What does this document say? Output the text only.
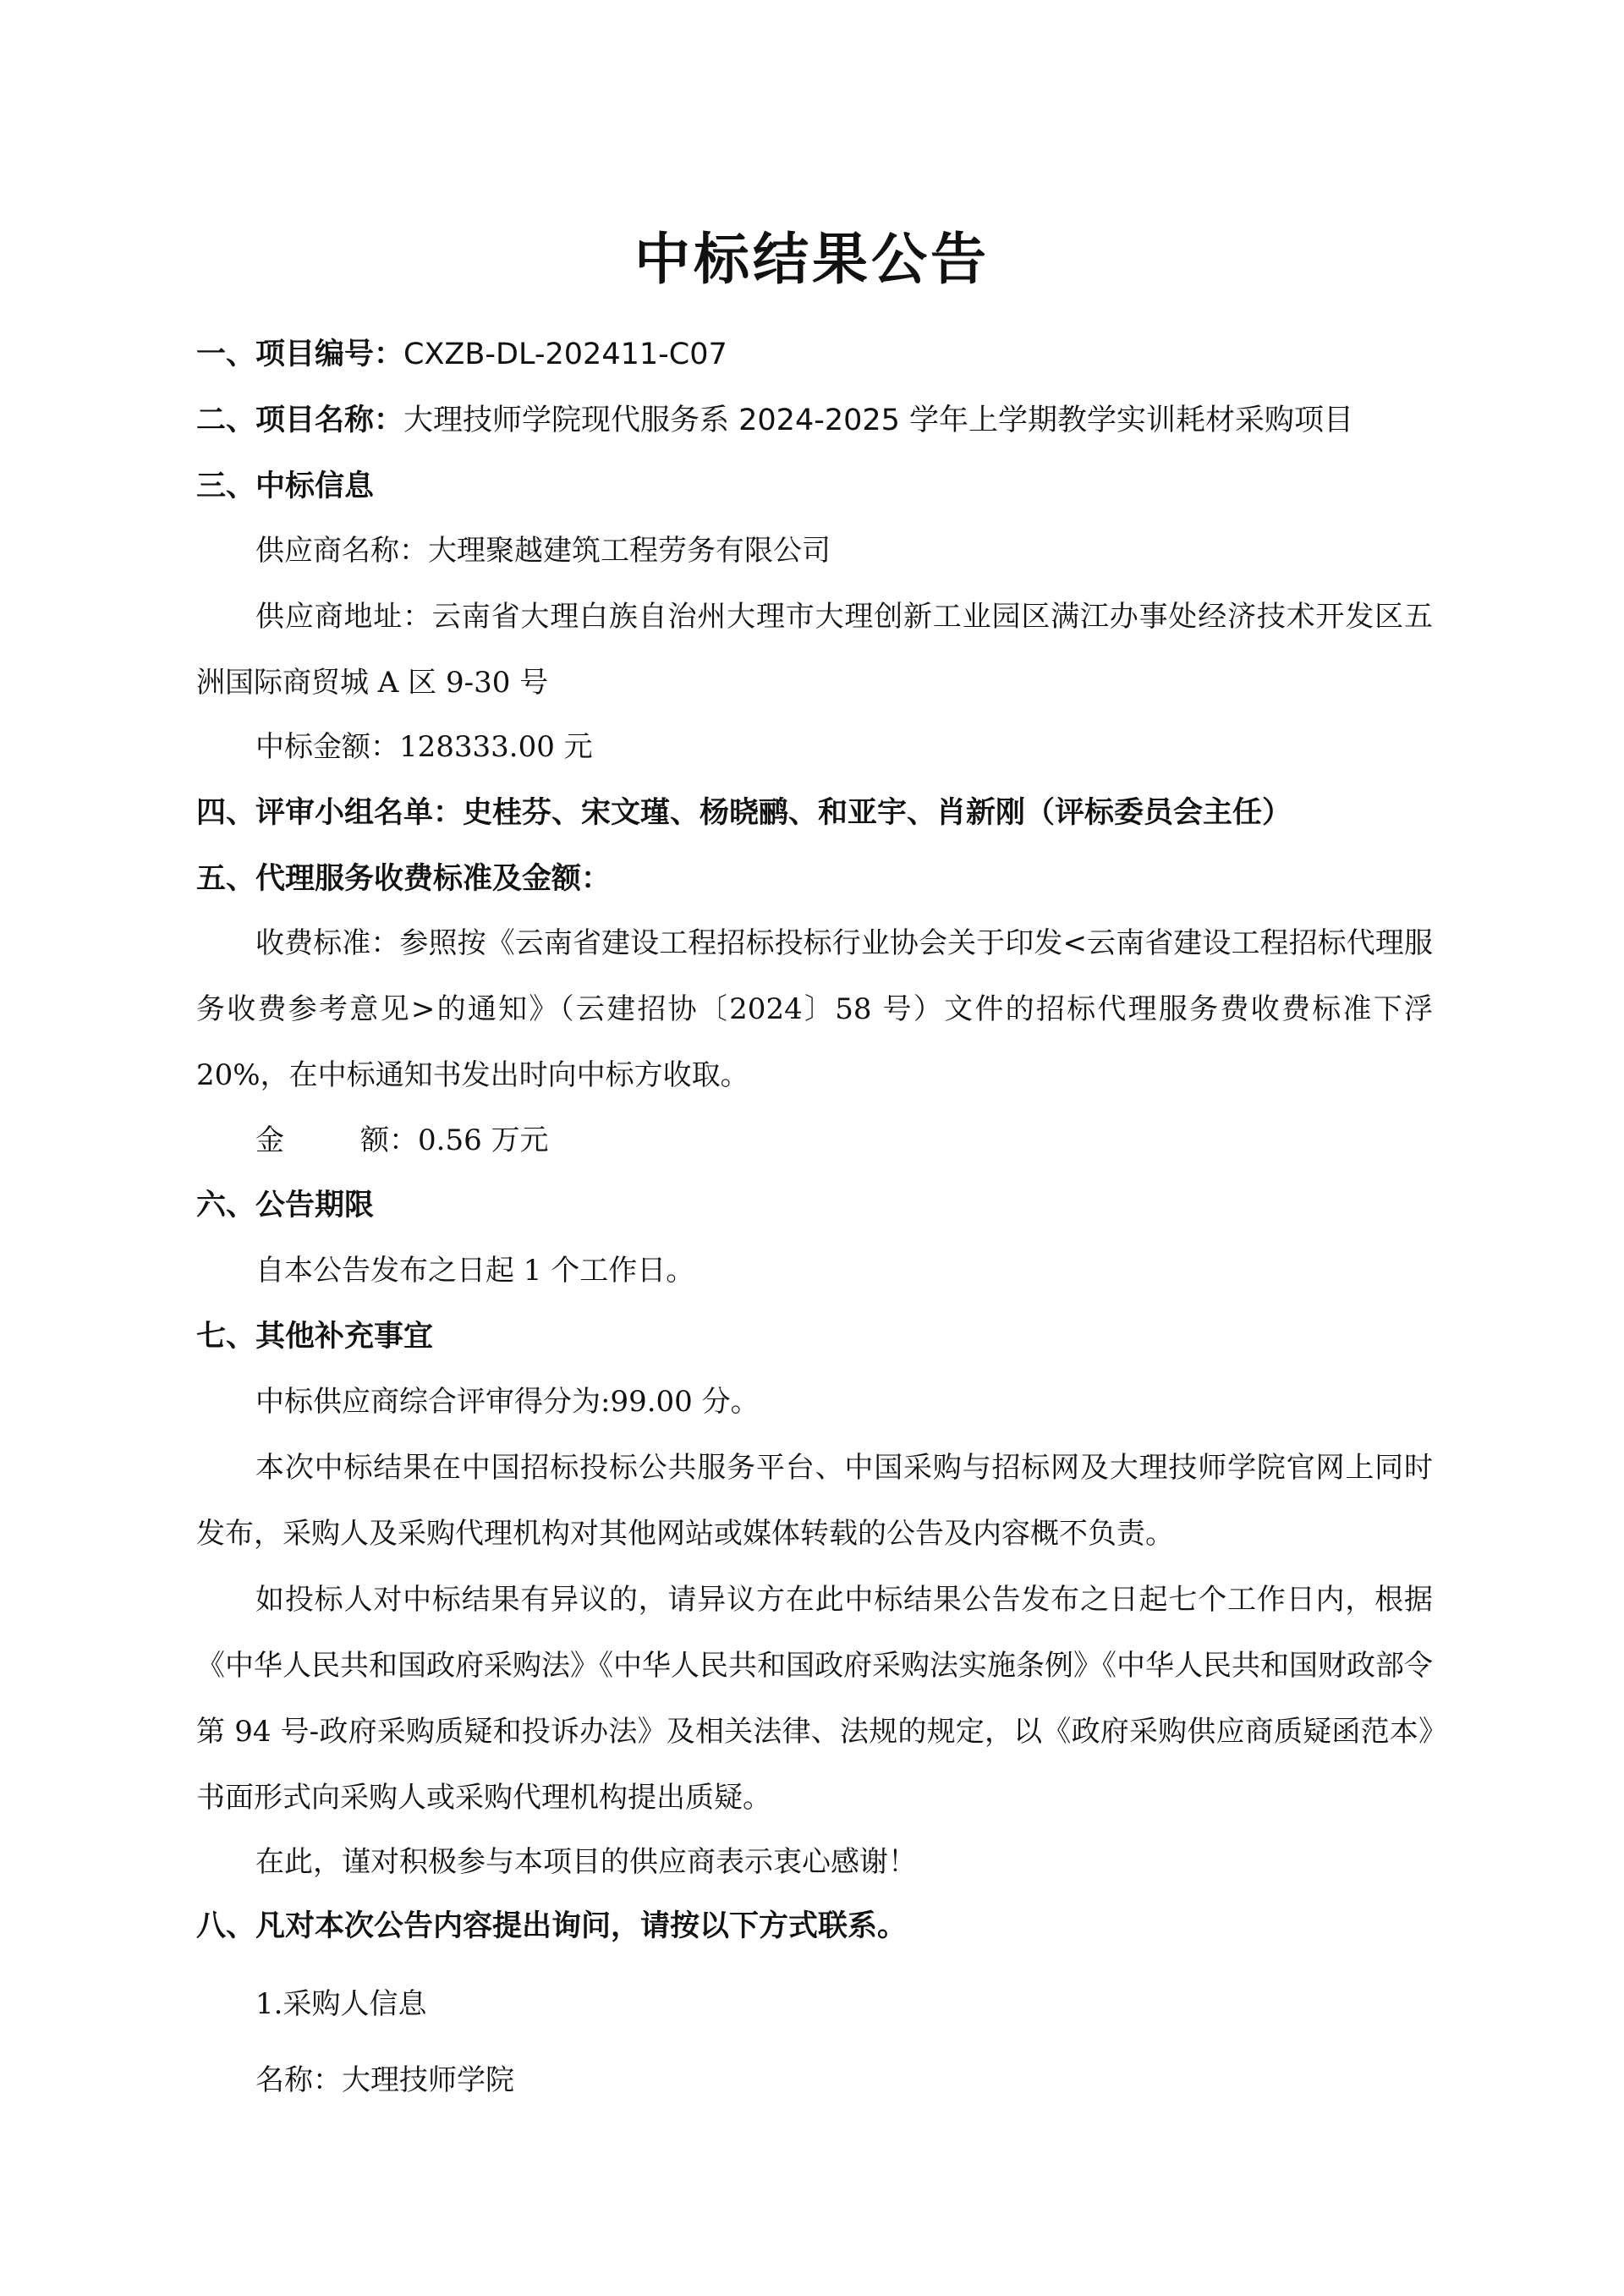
中标结果公告
一、项目编号：CXZB-DL-202411-C07
二、项目名称：大理技师学院现代服务系 2024-2025 学年上学期教学实训耗材采购项目
三、中标信息
供应商名称：大理聚越建筑工程劳务有限公司
供应商地址：云南省大理白族自治州大理市大理创新工业园区满江办事处经济技术开发区五洲国际商贸城 A 区 9-30 号
中标金额：128333.00 元
四、评审小组名单：史桂芬、宋文瑾、杨晓鹂、和亚宇、肖新刚（评标委员会主任）
五、代理服务收费标准及金额：
收费标准：参照按《云南省建设工程招标投标行业协会关于印发<云南省建设工程招标代理服务收费参考意见>的通知》（云建招协〔2024〕58 号）文件的招标代理服务费收费标准下浮 20%，在中标通知书发出时向中标方收取。
金	额：0.56 万元
六、公告期限
自本公告发布之日起 1 个工作日。
七、其他补充事宜
中标供应商综合评审得分为:99.00 分。
本次中标结果在中国招标投标公共服务平台、中国采购与招标网及大理技师学院官网上同时发布，采购人及采购代理机构对其他网站或媒体转载的公告及内容概不负责。
如投标人对中标结果有异议的，请异议方在此中标结果公告发布之日起七个工作日内，根据《中华人民共和国政府采购法》《中华人民共和国政府采购法实施条例》《中华人民共和国财政部令第 94 号-政府采购质疑和投诉办法》及相关法律、法规的规定，以《政府采购供应商质疑函范本》书面形式向采购人或采购代理机构提出质疑。
在此，谨对积极参与本项目的供应商表示衷心感谢！
八、凡对本次公告内容提出询问，请按以下方式联系。
1.采购人信息
名称：大理技师学院
